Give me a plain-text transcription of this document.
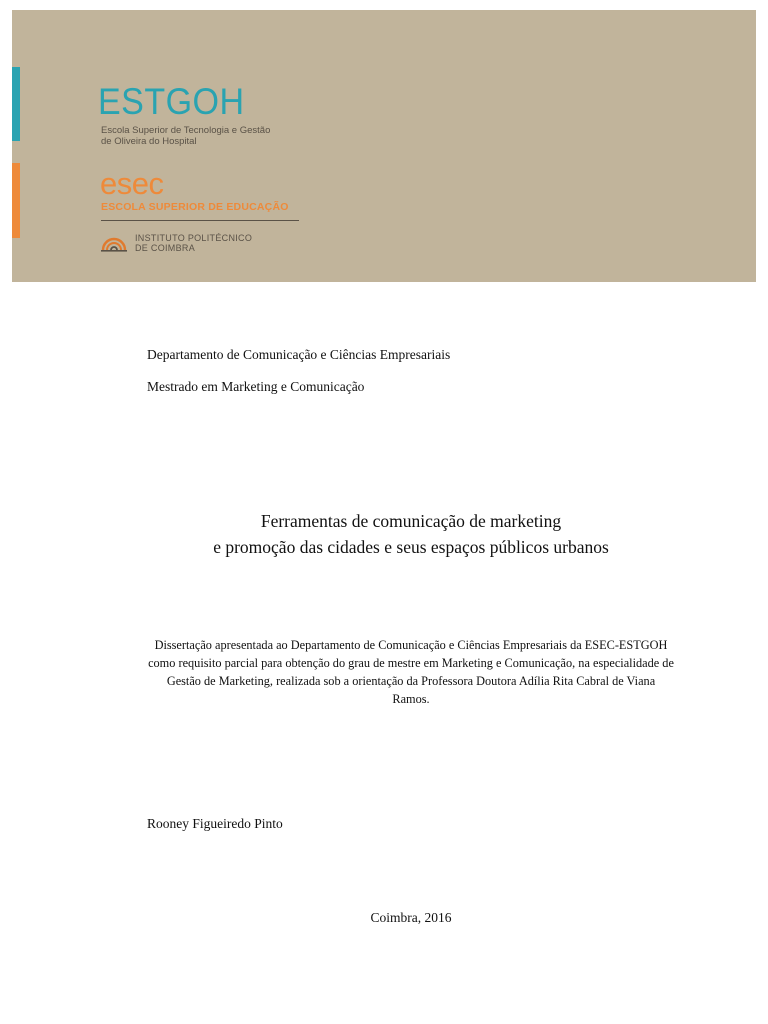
ESTGOH
Escola Superior de Tecnologia e Gestão
de Oliveira do Hospital
esec
ESCOLA SUPERIOR DE EDUCAÇÃO
INSTITUTO POLITÉCNICO
DE COIMBRA
Departamento de Comunicação e Ciências Empresariais
Mestrado em Marketing e Comunicação
Ferramentas de comunicação de marketing
e promoção das cidades e seus espaços públicos urbanos
Dissertação apresentada ao Departamento de Comunicação e Ciências Empresariais da ESEC-ESTGOH como requisito parcial para obtenção do grau de mestre em Marketing e Comunicação, na especialidade de Gestão de Marketing, realizada sob a orientação da Professora Doutora Adília Rita Cabral de Viana Ramos.
Rooney Figueiredo Pinto
Coimbra, 2016
